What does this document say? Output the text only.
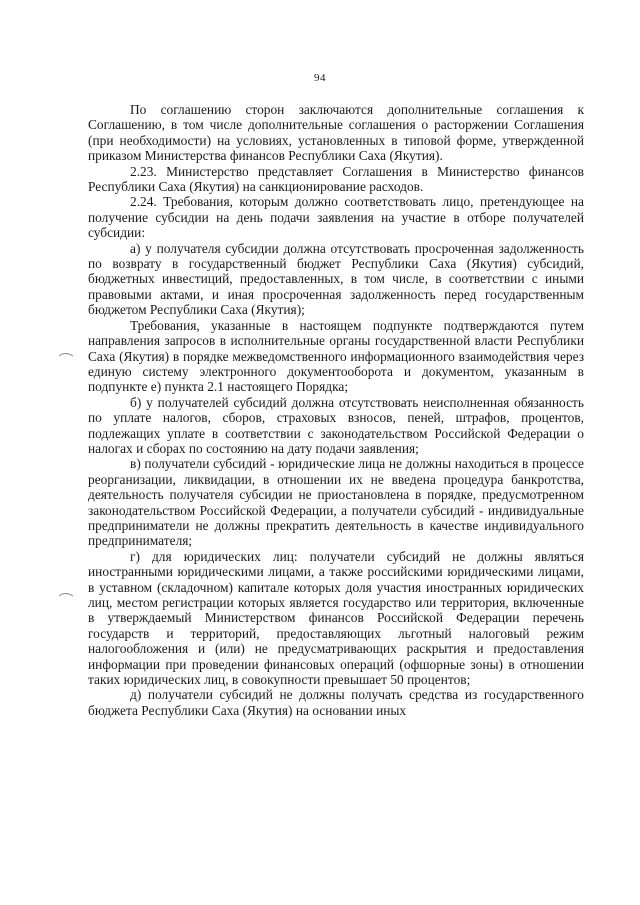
94

По соглашению сторон заключаются дополнительные соглашения к Соглашению, в том числе дополнительные соглашения о расторжении Соглашения (при необходимости) на условиях, установленных в типовой форме, утвержденной приказом Министерства финансов Республики Саха (Якутия).

2.23. Министерство представляет Соглашения в Министерство финансов Республики Саха (Якутия) на санкционирование расходов.

2.24. Требования, которым должно соответствовать лицо, претендующее на получение субсидии на день подачи заявления на участие в отборе получателей субсидии:

а) у получателя субсидии должна отсутствовать просроченная задолженность по возврату в государственный бюджет Республики Саха (Якутия) субсидий, бюджетных инвестиций, предоставленных, в том числе, в соответствии с иными правовыми актами, и иная просроченная задолженность перед государственным бюджетом Республики Саха (Якутия);

Требования, указанные в настоящем подпункте подтверждаются путем направления запросов в исполнительные органы государственной власти Республики Саха (Якутия) в порядке межведомственного информационного взаимодействия через единую систему электронного документооборота и документом, указанным в подпункте е) пункта 2.1 настоящего Порядка;

б) у получателей субсидий должна отсутствовать неисполненная обязанность по уплате налогов, сборов, страховых взносов, пеней, штрафов, процентов, подлежащих уплате в соответствии с законодательством Российской Федерации о налогах и сборах по состоянию на дату подачи заявления;

в) получатели субсидий - юридические лица не должны находиться в процессе реорганизации, ликвидации, в отношении их не введена процедура банкротства, деятельность получателя субсидии не приостановлена в порядке, предусмотренном законодательством Российской Федерации, а получатели субсидий - индивидуальные предприниматели не должны прекратить деятельность в качестве индивидуального предпринимателя;

г) для юридических лиц: получатели субсидий не должны являться иностранными юридическими лицами, а также российскими юридическими лицами, в уставном (складочном) капитале которых доля участия иностранных юридических лиц, местом регистрации которых является государство или территория, включенные в утверждаемый Министерством финансов Российской Федерации перечень государств и территорий, предоставляющих льготный налоговый режим налогообложения и (или) не предусматривающих раскрытия и предоставления информации при проведении финансовых операций (офшорные зоны) в отношении таких юридических лиц, в совокупности превышает 50 процентов;

д) получатели субсидий не должны получать средства из государственного бюджета Республики Саха (Якутия) на основании иных
